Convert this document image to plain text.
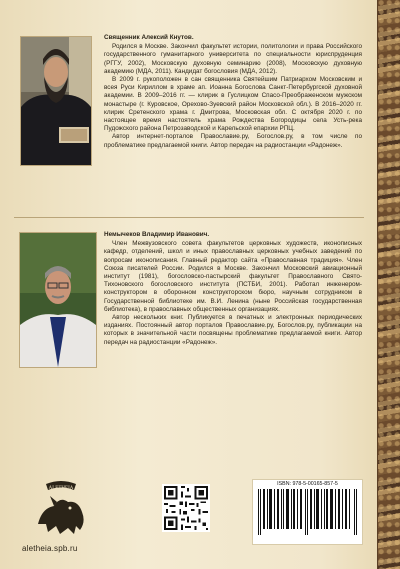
Священник Алексий Кнутов.

Родился в Москве. Закончил факультет истории, политологии и права Российского государственного гуманитарного университета по специальности юриспруденция (РГГУ, 2002), Московскую духовную семинарию (2008), Московскую духовную академию (МДА, 2011). Кандидат богословия (МДА, 2012).

В 2009 г. рукоположен в сан священника Святейшим Патриархом Московским и всея Руси Кириллом в храме ап. Иоанна Богослова Санкт-Петербургской духовной академии. В 2009–2016 гг. — клирик в Гуслицком Спасо-Преображенском мужском монастыре (г. Куровское, Орехово-Зуевский район Московской обл.). В 2016–2020 гг. клирик Сретенского храма г. Дмитрова, Московская обл. С октября 2020 г. по настоящее время настоятель храма Рождества Богородицы села Усть-река Пудожского района Петрозаводской и Карельской епархии РПЦ.

Автор интернет-порталов Православие.ру, Богослов.ру, в том числе по проблематике предлагаемой книги. Автор передач на радиостанции «Радонеж».

Немычеков Владимир Иванович.

Член Межвузовского совета факультетов церковных художеств, иконописных кафедр, отделений, школ и иных православных церковных учебных заведений по вопросам иконописания. Главный редактор сайта «Православная традиция». Член Союза писателей России. Родился в Москве. Закончил Московский авиационный институт (1981), богословско-пастырский факультет Православного Свято-Тихоновского богословского института (ПСТБИ, 2001). Работал инженером-конструктором в оборонном конструкторском бюро, научным сотрудником в Государственной библиотеке им. В.И. Ленина (ныне Российская государственная библиотека), в православных общественных организациях.

Автор нескольких книг. Публикуется в печатных и электронных периодических изданиях. Постоянный автор порталов Православие.ру, Богослов.ру, публикации на которых в значительной части посвящены проблематике предлагаемой книги. Автор передач на радиостанции «Радонеж».

ALETHEIA
aletheia.spb.ru
ISBN: 978-5-00165-857-5
